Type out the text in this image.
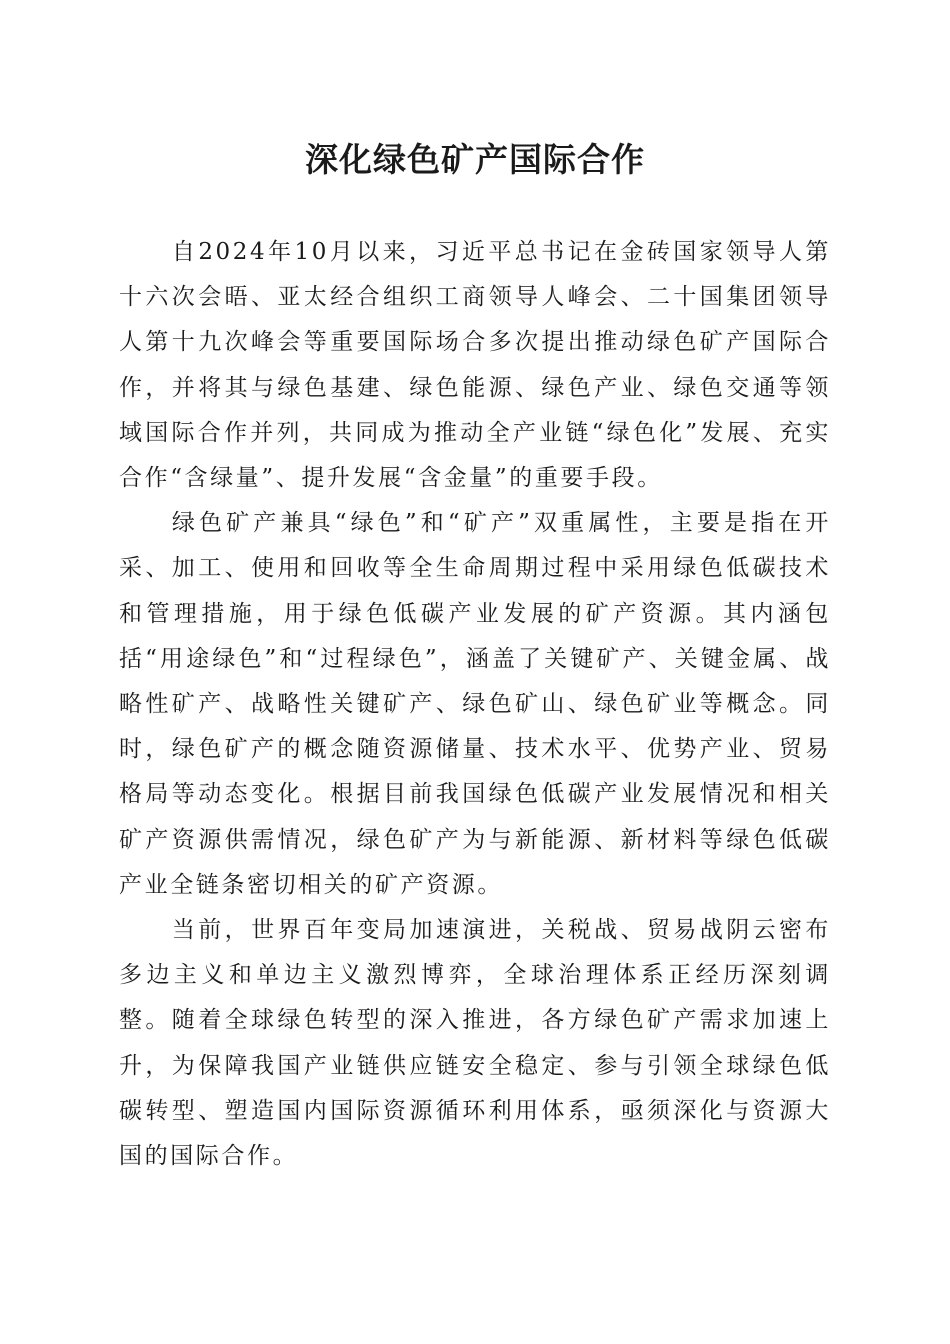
深化绿色矿产国际合作

自2024年10月以来，习近平总书记在金砖国家领导人第十六次会晤、亚太经合组织工商领导人峰会、二十国集团领导人第十九次峰会等重要国际场合多次提出推动绿色矿产国际合作，并将其与绿色基建、绿色能源、绿色产业、绿色交通等领域国际合作并列，共同成为推动全产业链“绿色化”发展、充实合作“含绿量”、提升发展“含金量”的重要手段。

绿色矿产兼具“绿色”和“矿产”双重属性，主要是指在开采、加工、使用和回收等全生命周期过程中采用绿色低碳技术和管理措施，用于绿色低碳产业发展的矿产资源。其内涵包括“用途绿色”和“过程绿色”，涵盖了关键矿产、关键金属、战略性矿产、战略性关键矿产、绿色矿山、绿色矿业等概念。同时，绿色矿产的概念随资源储量、技术水平、优势产业、贸易格局等动态变化。根据目前我国绿色低碳产业发展情况和相关矿产资源供需情况，绿色矿产为与新能源、新材料等绿色低碳产业全链条密切相关的矿产资源。

当前，世界百年变局加速演进，关税战、贸易战阴云密布多边主义和单边主义激烈博弈，全球治理体系正经历深刻调整。随着全球绿色转型的深入推进，各方绿色矿产需求加速上升，为保障我国产业链供应链安全稳定、参与引领全球绿色低碳转型、塑造国内国际资源循环利用体系，亟须深化与资源大国的国际合作。
